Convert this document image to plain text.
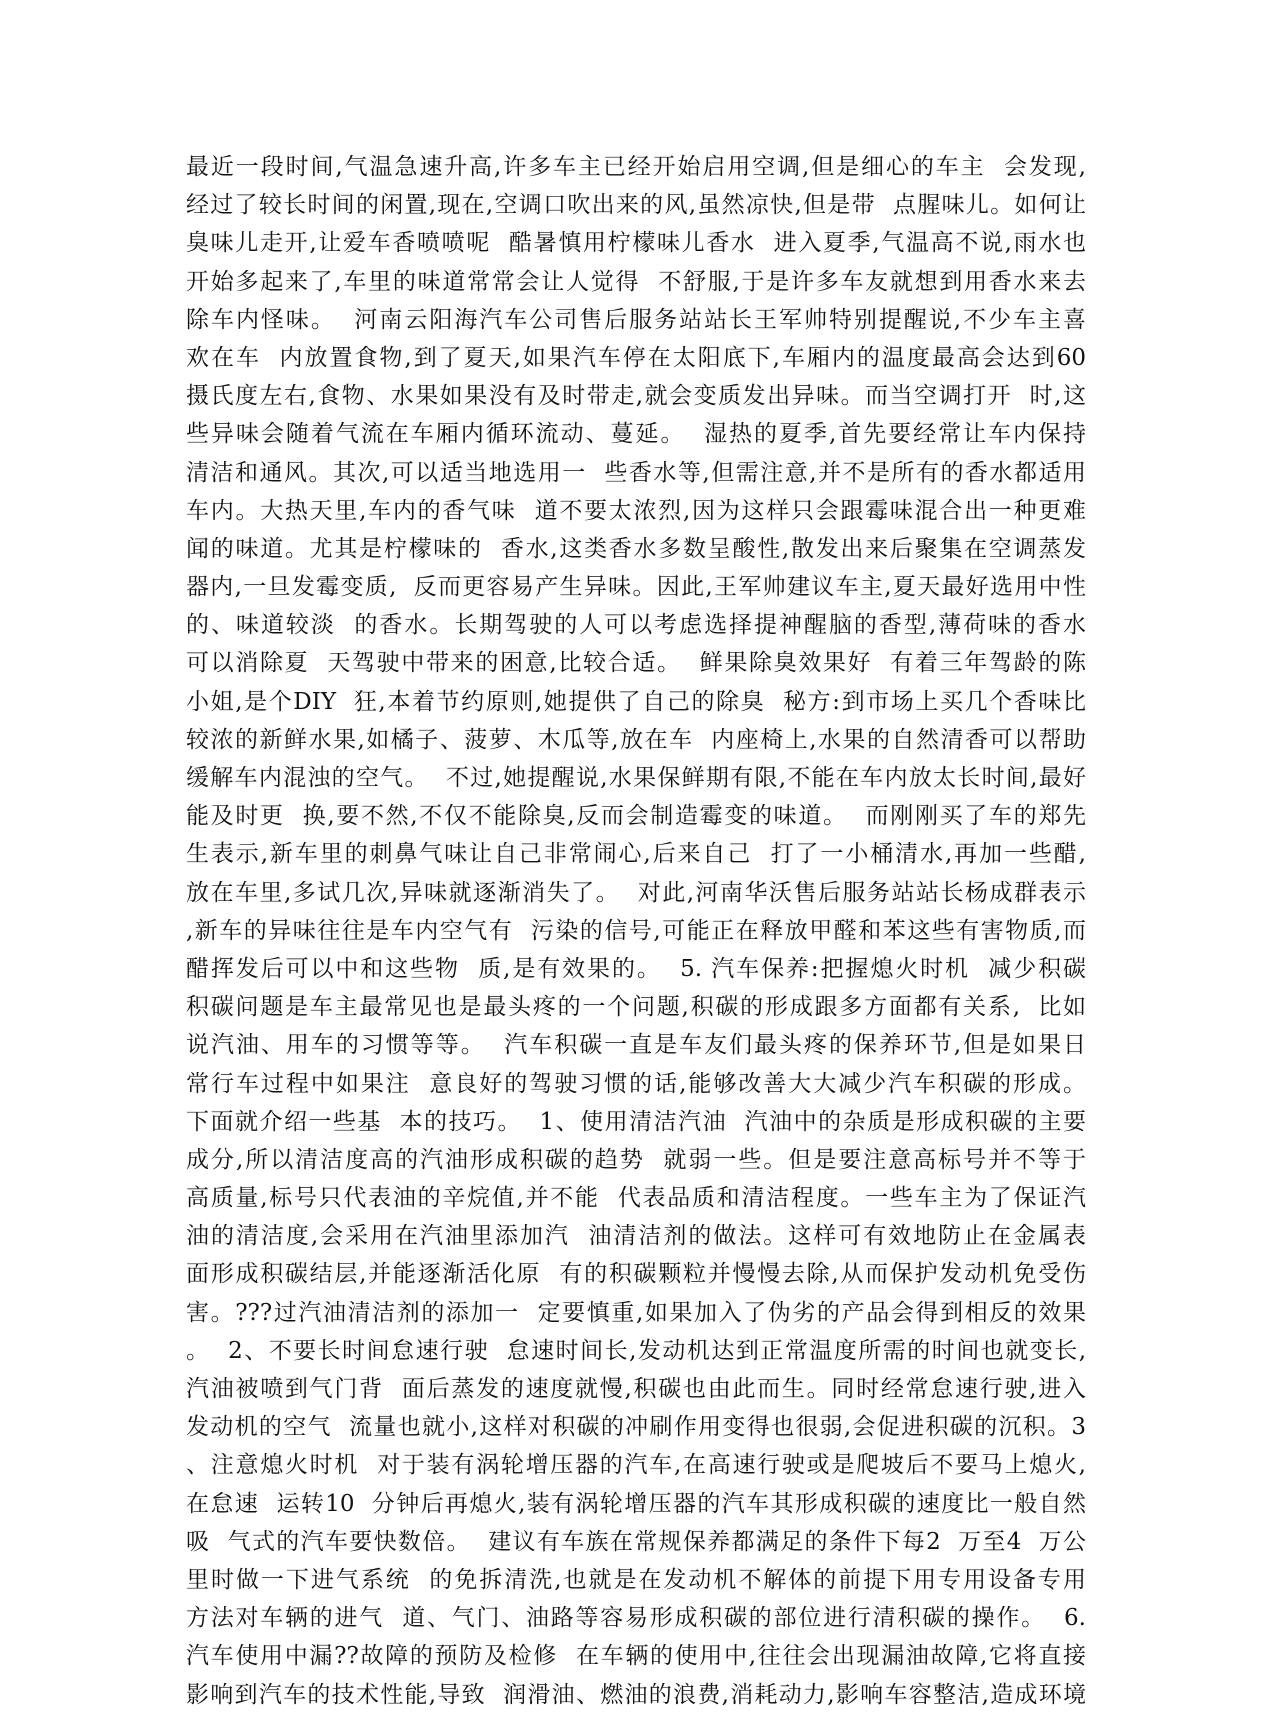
最近一段时间,气温急速升高,许多车主已经开始启用空调,但是细心的车主  会发现,
经过了较长时间的闲置,现在,空调口吹出来的风,虽然凉快,但是带  点腥味儿。如何让
臭味儿走开,让爱车香喷喷呢  酷暑慎用柠檬味儿香水  进入夏季,气温高不说,雨水也
开始多起来了,车里的味道常常会让人觉得  不舒服,于是许多车友就想到用香水来去
除车内怪味。  河南云阳海汽车公司售后服务站站长王军帅特别提醒说,不少车主喜
欢在车  内放置食物,到了夏天,如果汽车停在太阳底下,车厢内的温度最高会达到60
摄氏度左右,食物、水果如果没有及时带走,就会变质发出异味。而当空调打开  时,这
些异味会随着气流在车厢内循环流动、蔓延。  湿热的夏季,首先要经常让车内保持
清洁和通风。其次,可以适当地选用一  些香水等,但需注意,并不是所有的香水都适用
车内。大热天里,车内的香气味  道不要太浓烈,因为这样只会跟霉味混合出一种更难
闻的味道。尤其是柠檬味的  香水,这类香水多数呈酸性,散发出来后聚集在空调蒸发
器内,一旦发霉变质,  反而更容易产生异味。因此,王军帅建议车主,夏天最好选用中性
的、味道较淡  的香水。长期驾驶的人可以考虑选择提神醒脑的香型,薄荷味的香水
可以消除夏  天驾驶中带来的困意,比较合适。  鲜果除臭效果好  有着三年驾龄的陈
小姐,是个DIY  狂,本着节约原则,她提供了自己的除臭  秘方:到市场上买几个香味比
较浓的新鲜水果,如橘子、菠萝、木瓜等,放在车  内座椅上,水果的自然清香可以帮助
缓解车内混浊的空气。  不过,她提醒说,水果保鲜期有限,不能在车内放太长时间,最好
能及时更  换,要不然,不仅不能除臭,反而会制造霉变的味道。  而刚刚买了车的郑先
生表示,新车里的刺鼻气味让自己非常闹心,后来自己  打了一小桶清水,再加一些醋,
放在车里,多试几次,异味就逐渐消失了。  对此,河南华沃售后服务站站长杨成群表示
,新车的异味往往是车内空气有  污染的信号,可能正在释放甲醛和苯这些有害物质,而
醋挥发后可以中和这些物  质,是有效果的。  5. 汽车保养:把握熄火时机  减少积碳
积碳问题是车主最常见也是最头疼的一个问题,积碳的形成跟多方面都有关系,  比如
说汽油、用车的习惯等等。  汽车积碳一直是车友们最头疼的保养环节,但是如果日
常行车过程中如果注  意良好的驾驶习惯的话,能够改善大大减少汽车积碳的形成。
下面就介绍一些基  本的技巧。  1、使用清洁汽油  汽油中的杂质是形成积碳的主要
成分,所以清洁度高的汽油形成积碳的趋势  就弱一些。但是要注意高标号并不等于
高质量,标号只代表油的辛烷值,并不能  代表品质和清洁程度。一些车主为了保证汽
油的清洁度,会采用在汽油里添加汽  油清洁剂的做法。这样可有效地防止在金属表
面形成积碳结层,并能逐渐活化原  有的积碳颗粒并慢慢去除,从而保护发动机免受伤
害。???过汽油清洁剂的添加一  定要慎重,如果加入了伪劣的产品会得到相反的效果
。  2、不要长时间怠速行驶  怠速时间长,发动机达到正常温度所需的时间也就变长,
汽油被喷到气门背  面后蒸发的速度就慢,积碳也由此而生。同时经常怠速行驶,进入
发动机的空气  流量也就小,这样对积碳的冲刷作用变得也很弱,会促进积碳的沉积。3
、注意熄火时机  对于装有涡轮增压器的汽车,在高速行驶或是爬坡后不要马上熄火,
在怠速  运转10  分钟后再熄火,装有涡轮增压器的汽车其形成积碳的速度比一般自然
吸  气式的汽车要快数倍。  建议有车族在常规保养都满足的条件下每2  万至4  万公
里时做一下进气系统  的免拆清洗,也就是在发动机不解体的前提下用专用设备专用
方法对车辆的进气  道、气门、油路等容易形成积碳的部位进行清积碳的操作。  6.
汽车使用中漏??故障的预防及检修  在车辆的使用中,往往会出现漏油故障,它将直接
影响到汽车的技术性能,导致  润滑油、燃油的浪费,消耗动力,影响车容整洁,造成环境
